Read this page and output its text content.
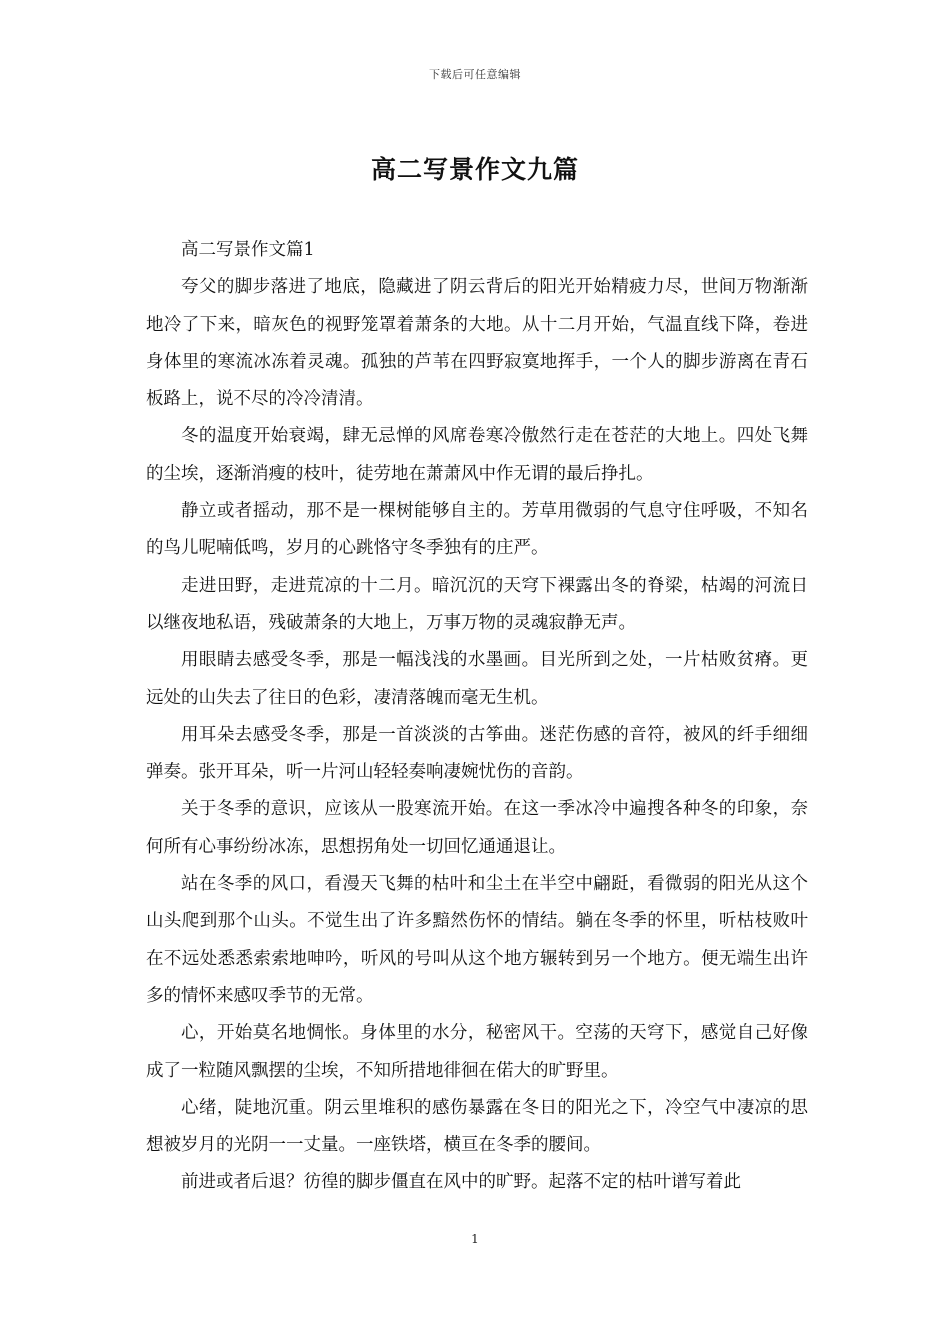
下载后可任意编辑
高二写景作文九篇

高二写景作文篇1

夸父的脚步落进了地底，隐藏进了阴云背后的阳光开始精疲力尽，世间万物渐渐地冷了下来，暗灰色的视野笼罩着萧条的大地。从十二月开始，气温直线下降，卷进身体里的寒流冰冻着灵魂。孤独的芦苇在四野寂寞地挥手，一个人的脚步游离在青石板路上，说不尽的冷冷清清。

冬的温度开始衰竭，肆无忌惮的风席卷寒冷傲然行走在苍茫的大地上。四处飞舞的尘埃，逐渐消瘦的枝叶，徒劳地在萧萧风中作无谓的最后挣扎。

静立或者摇动，那不是一棵树能够自主的。芳草用微弱的气息守住呼吸，不知名的鸟儿呢喃低鸣，岁月的心跳恪守冬季独有的庄严。

走进田野，走进荒凉的十二月。暗沉沉的天穹下裸露出冬的脊梁，枯竭的河流日以继夜地私语，残破萧条的大地上，万事万物的灵魂寂静无声。

用眼睛去感受冬季，那是一幅浅浅的水墨画。目光所到之处，一片枯败贫瘠。更远处的山失去了往日的色彩，凄清落魄而毫无生机。

用耳朵去感受冬季，那是一首淡淡的古筝曲。迷茫伤感的音符，被风的纤手细细弹奏。张开耳朵，听一片河山轻轻奏响凄婉忧伤的音韵。

关于冬季的意识，应该从一股寒流开始。在这一季冰冷中遍搜各种冬的印象，奈何所有心事纷纷冰冻，思想拐角处一切回忆通通退让。

站在冬季的风口，看漫天飞舞的枯叶和尘土在半空中翩跹，看微弱的阳光从这个山头爬到那个山头。不觉生出了许多黯然伤怀的情结。躺在冬季的怀里，听枯枝败叶在不远处悉悉索索地呻吟，听风的号叫从这个地方辗转到另一个地方。便无端生出许多的情怀来感叹季节的无常。

心，开始莫名地惆怅。身体里的水分，秘密风干。空荡的天穹下，感觉自己好像成了一粒随风飘摆的尘埃，不知所措地徘徊在偌大的旷野里。

心绪，陡地沉重。阴云里堆积的感伤暴露在冬日的阳光之下，冷空气中凄凉的思想被岁月的光阴一一丈量。一座铁塔，横亘在冬季的腰间。

前进或者后退？彷徨的脚步僵直在风中的旷野。起落不定的枯叶谱写着此

1
